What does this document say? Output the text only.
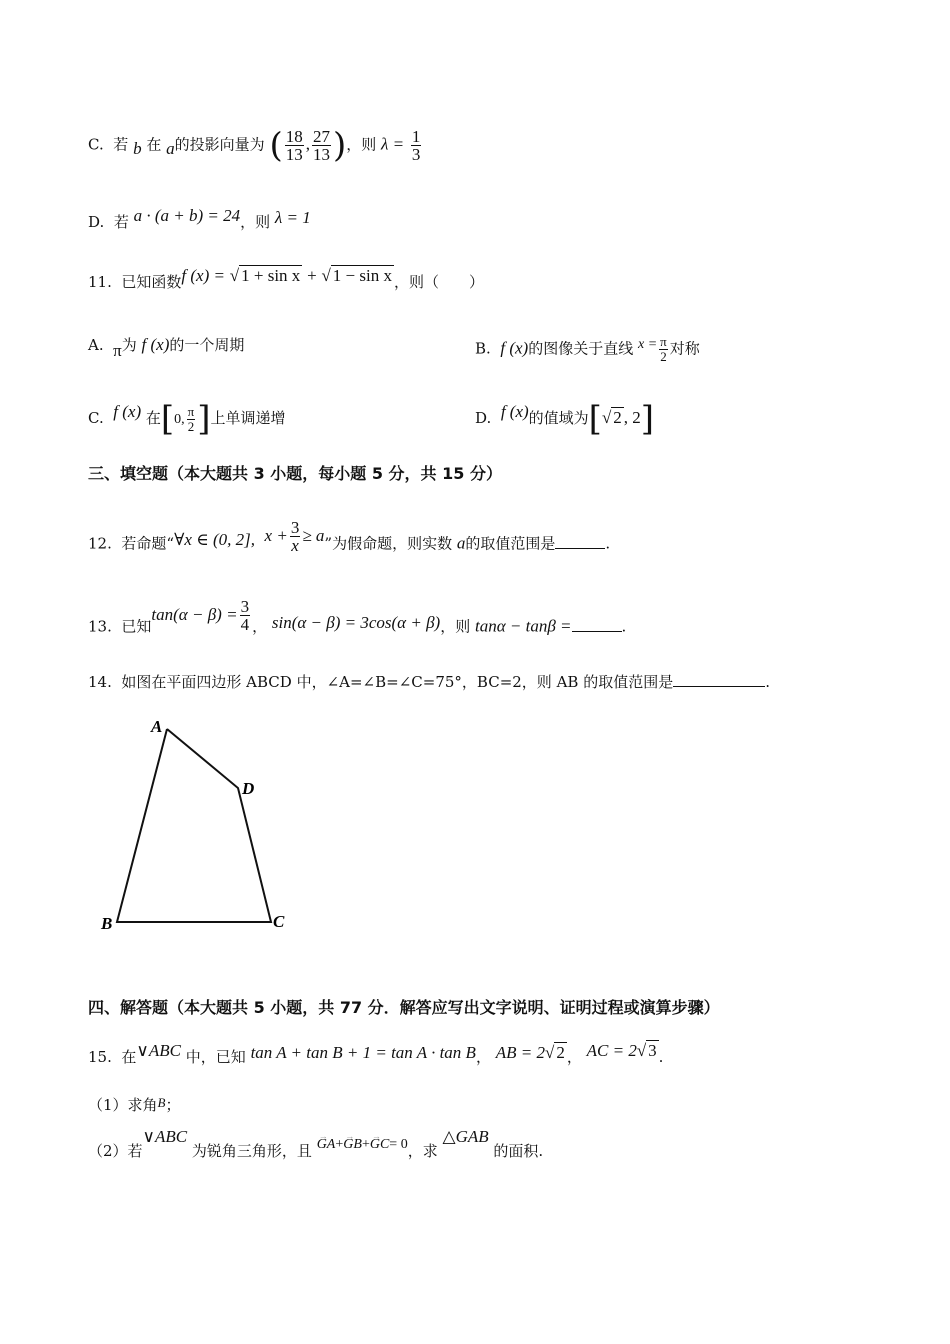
C. 若 b 在 a的投影向量为 ( $\frac{18}{13}$ , $\frac{27}{13}$ )，则 $\lambda = \frac{1}{3}$
D. 若 a · (a + b) = 24，则 λ = 1
11. 已知函数f (x) = √ 1 + sin x + √ 1 − sin x ，则（　　）
A. π为 f (x)的一个周期	B. f (x)的图像关于直线 $x = \frac{\pi}{2}$ 对称
C. f (x) 在[0, $\frac{\pi}{2}$ ]上单调递增	D. f (x)的值域为[√ 2 , 2]
三、填空题（本大题共 3 小题，每小题 5 分，共 15 分）
12. 若命题“∀x ∈ (0, 2], $x + \frac{3}{x} \ge a$”为假命题，则实数 a的取值范围是	.
13. 已知$\tan(\alpha - \beta) = \frac{3}{4}$ ， sin(α − β) = 3cos(α + β)，则 tanα − tanβ =	.
14. 如图在平面四边形 ABCD 中，∠A=∠B=∠C=75°，BC=2，则 AB 的取值范围是	.
A
D
B	C
四、解答题（本大题共 5 小题，共 77 分．解答应写出文字说明、证明过程或演算步骤）
15. 在∨ABC 中，已知 tan A + tan B + 1 = tan A · tan B， AB = 2√ 2 ， AC = 2√ 3 .
（1）求角B；
（2）若∨ABC 为锐角三角形，且 → GA+→ GB+→ GC= 0，求 △GAB 的面积.
